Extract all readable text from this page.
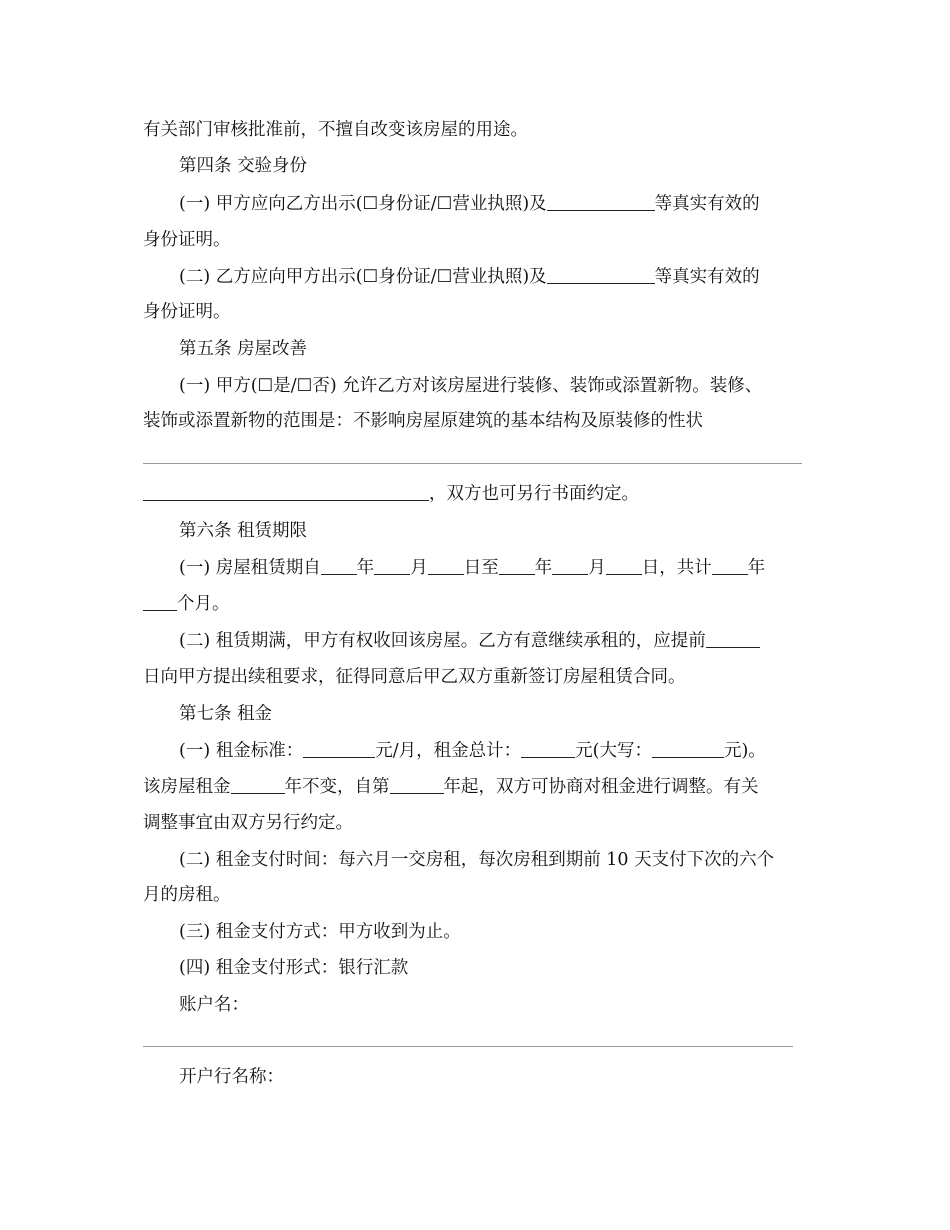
有关部门审核批准前，不擅自改变该房屋的用途。
第四条 交验身份
(一) 甲方应向乙方出示(☐身份证/☐营业执照)及	等真实有效的
身份证明。
(二) 乙方应向甲方出示(☐身份证/☐营业执照)及	等真实有效的
身份证明。
第五条 房屋改善
(一) 甲方(☐是/☐否) 允许乙方对该房屋进行装修、装饰或添置新物。装修、
装饰或添置新物的范围是：不影响房屋原建筑的基本结构及原装修的性状
，双方也可另行书面约定。
第六条 租赁期限
(一) 房屋租赁期自 年 月 日至 年 月 日，共计 年
个月。
(二) 租赁期满，甲方有权收回该房屋。乙方有意继续承租的，应提前
日向甲方提出续租要求，征得同意后甲乙双方重新签订房屋租赁合同。
第七条 租金
(一) 租金标准：	元/月，租金总计：	元(大写：	元)。
该房屋租金	年不变，自第	年起，双方可协商对租金进行调整。有关
调整事宜由双方另行约定。
(二) 租金支付时间：每六月一交房租，每次房租到期前 10 天支付下次的六个
月的房租。
(三) 租金支付方式：甲方收到为止。
(四) 租金支付形式：银行汇款
账户名：
开户行名称：
